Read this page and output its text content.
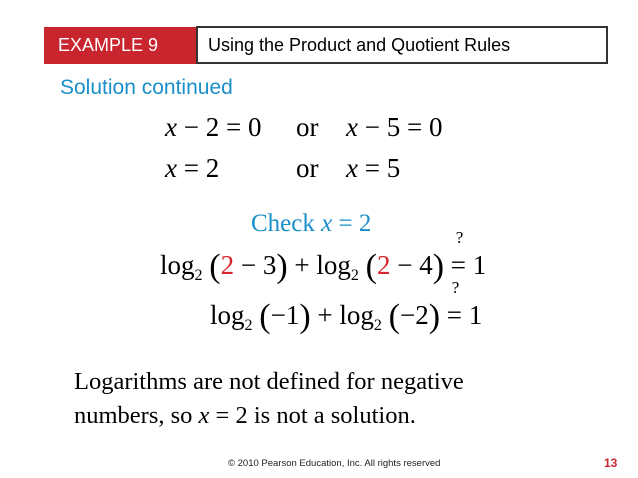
EXAMPLE 9	Using the Product and Quotient Rules
Solution continued
x − 2 = 0 or x − 5 = 0
x = 2	or x = 5
Check x = 2
$\log_2 (2 - 3) + \log_2 (2 - 4)$
?
= 1
$\log_2 (-1) + \log_2 (-2)$
?
= 1
Logarithms are not defined for negative
numbers, so x = 2 is not a solution.
© 2010 Pearson Education, Inc. All rights reserved	13
